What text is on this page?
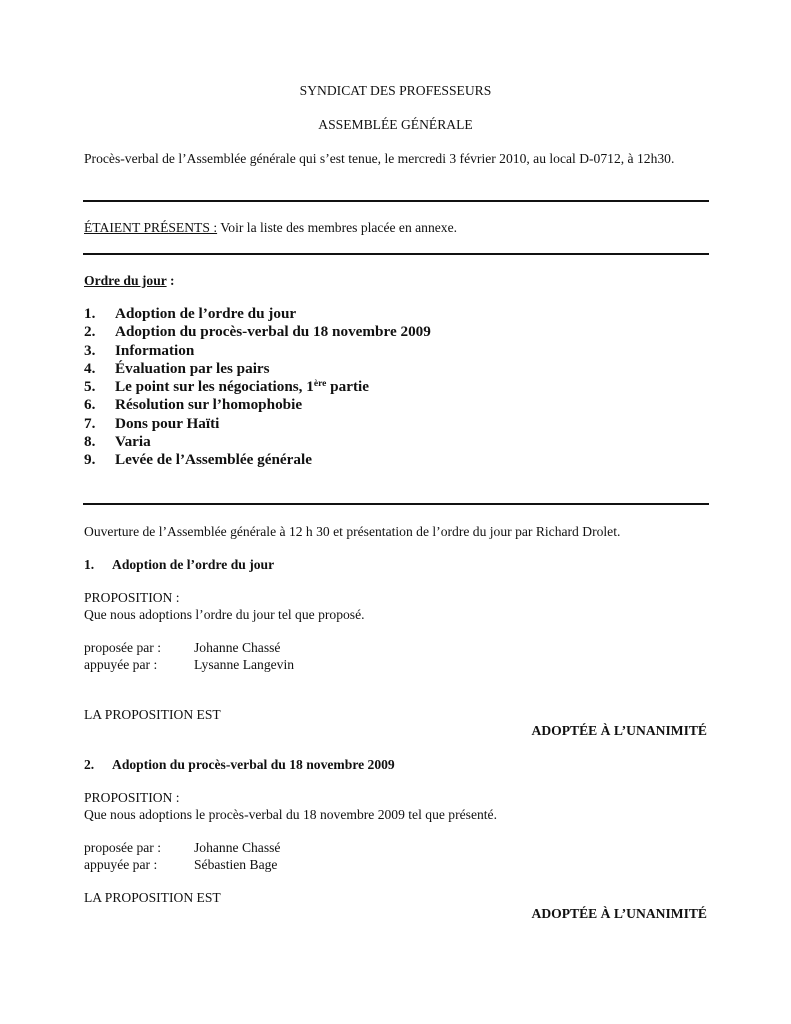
SYNDICAT DES PROFESSEURS
ASSEMBLÉE GÉNÉRALE
Procès-verbal de l’Assemblée générale qui s’est tenue, le mercredi 3 février 2010, au local D-0712, à 12h30.
ÉTAIENT PRÉSENTS : Voir la liste des membres placée en annexe.
Ordre du jour :
1.	Adoption de l’ordre du jour
2.	Adoption du procès-verbal du 18 novembre 2009
3.	Information
4.	Évaluation par les pairs
5.	Le point sur les négociations, 1ère partie
6.	Résolution sur l’homophobie
7.	Dons pour Haïti
8.	Varia
9.	Levée de l’Assemblée générale
Ouverture de l’Assemblée générale à 12 h 30 et présentation de l’ordre du jour par Richard Drolet.
1. Adoption de l’ordre du jour
PROPOSITION :
Que nous adoptions l’ordre du jour tel que proposé.
proposée par : Johanne Chassé
appuyée par :	Lysanne Langevin
LA PROPOSITION EST
ADOPTÉE À L’UNANIMITÉ
2. Adoption du procès-verbal du 18 novembre 2009
PROPOSITION :
Que nous adoptions le procès-verbal du 18 novembre 2009 tel que présenté.
proposée par : Johanne Chassé
appuyée par :	Sébastien Bage
LA PROPOSITION EST
ADOPTÉE À L’UNANIMITÉ
